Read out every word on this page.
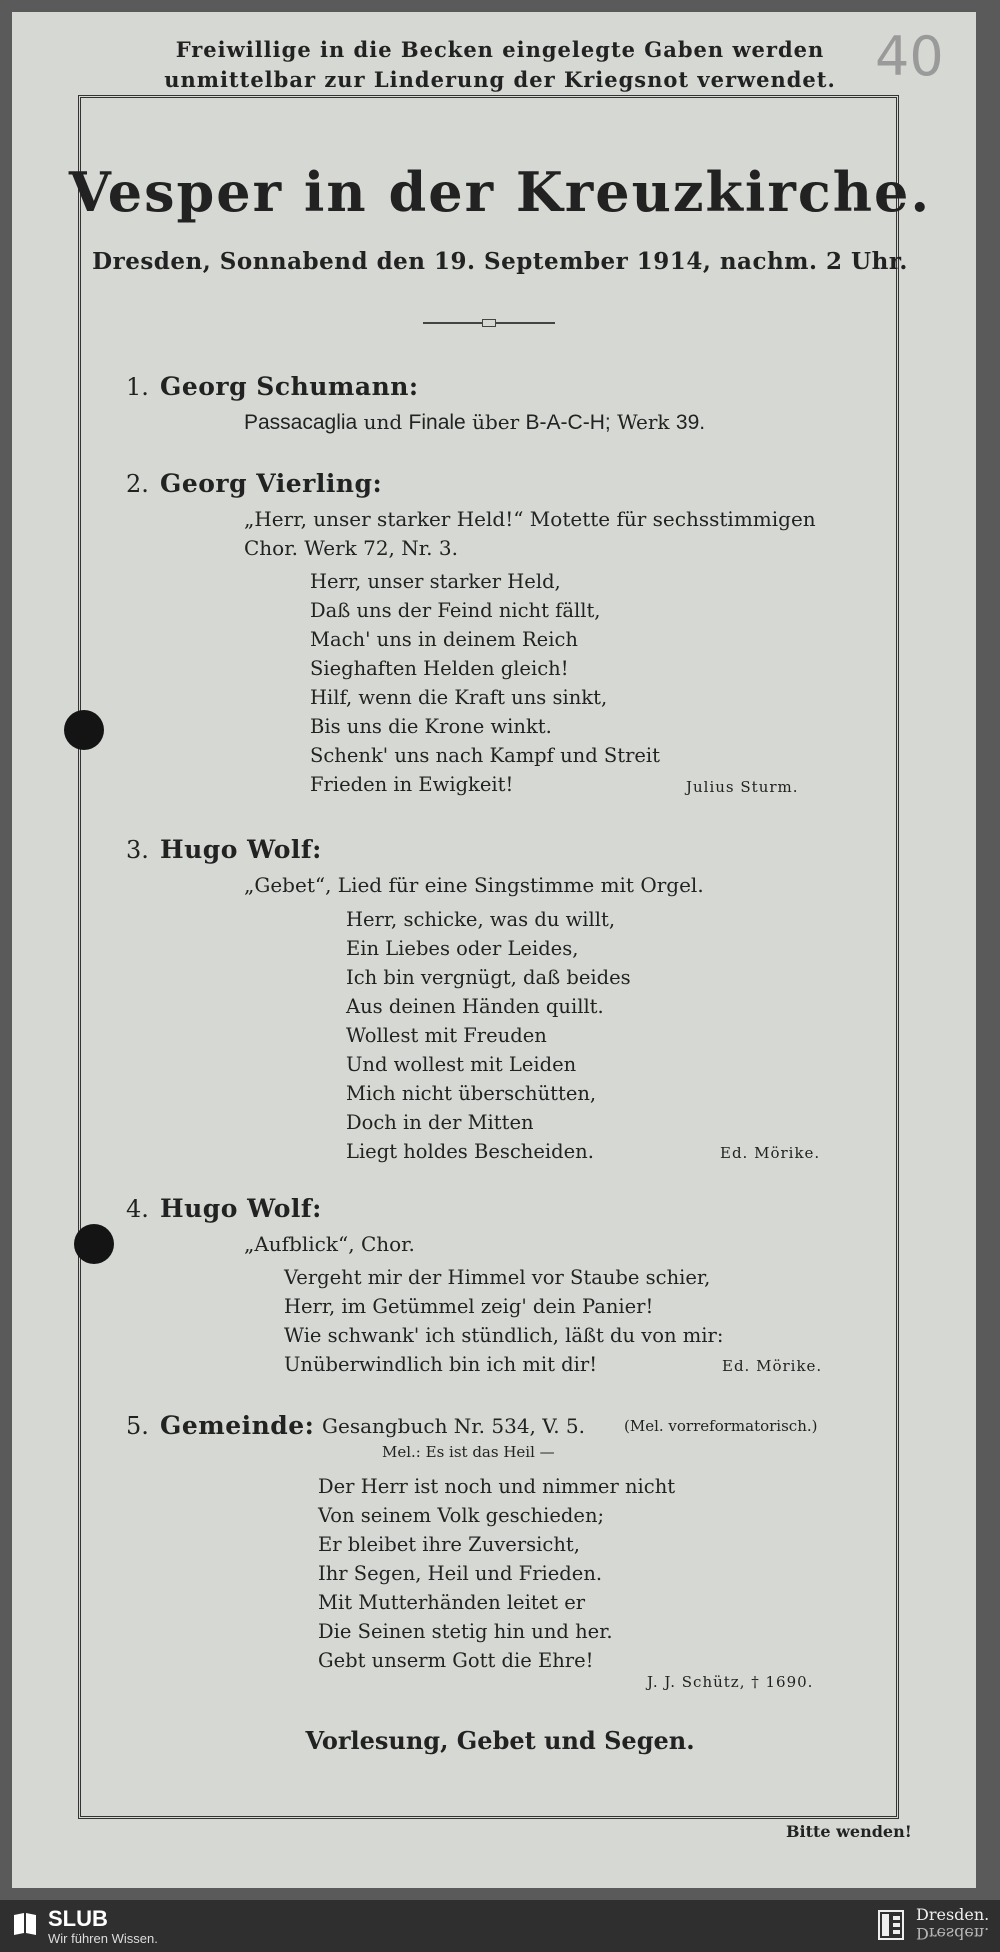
Freiwillige in die Becken eingelegte Gaben werden
unmittelbar zur Linderung der Kriegsnot verwendet. 40
Vesper in der Kreuzkirche.
Dresden, Sonnabend den 19. September 1914, nachm. 2 Uhr.
1. Georg Schumann:
Passacaglia und Finale über B-A-C-H; Werk 39.
2. Georg Vierling:
„Herr, unser starker Held!“ Motette für sechsstimmigen
Chor. Werk 72, Nr. 3.
Herr, unser starker Held,
Daß uns der Feind nicht fällt,
Mach' uns in deinem Reich
Sieghaften Helden gleich!
Hilf, wenn die Kraft uns sinkt,
Bis uns die Krone winkt.
Schenk' uns nach Kampf und Streit
Frieden in Ewigkeit!	Julius Sturm.
3. Hugo Wolf:
„Gebet“, Lied für eine Singstimme mit Orgel.
Herr, schicke, was du willt,
Ein Liebes oder Leides,
Ich bin vergnügt, daß beides
Aus deinen Händen quillt.
Wollest mit Freuden
Und wollest mit Leiden
Mich nicht überschütten,
Doch in der Mitten
Liegt holdes Bescheiden.	Ed. Mörike.
4. Hugo Wolf:
„Aufblick“, Chor.
Vergeht mir der Himmel vor Staube schier,
Herr, im Getümmel zeig' dein Panier!
Wie schwank' ich stündlich, läßt du von mir:
Unüberwindlich bin ich mit dir!	Ed. Mörike.
5. Gemeinde: Gesangbuch Nr. 534, V. 5.	(Mel. vorreformatorisch.)
Mel.: Es ist das Heil —
Der Herr ist noch und nimmer nicht
Von seinem Volk geschieden;
Er bleibet ihre Zuversicht,
Ihr Segen, Heil und Frieden.
Mit Mutterhänden leitet er
Die Seinen stetig hin und her.
Gebt unserm Gott die Ehre!
J. J. Schütz, † 1690.
Vorlesung, Gebet und Segen.
Bitte wenden!
SLUB
Wir führen Wissen.
Dresden.
Dresden.
